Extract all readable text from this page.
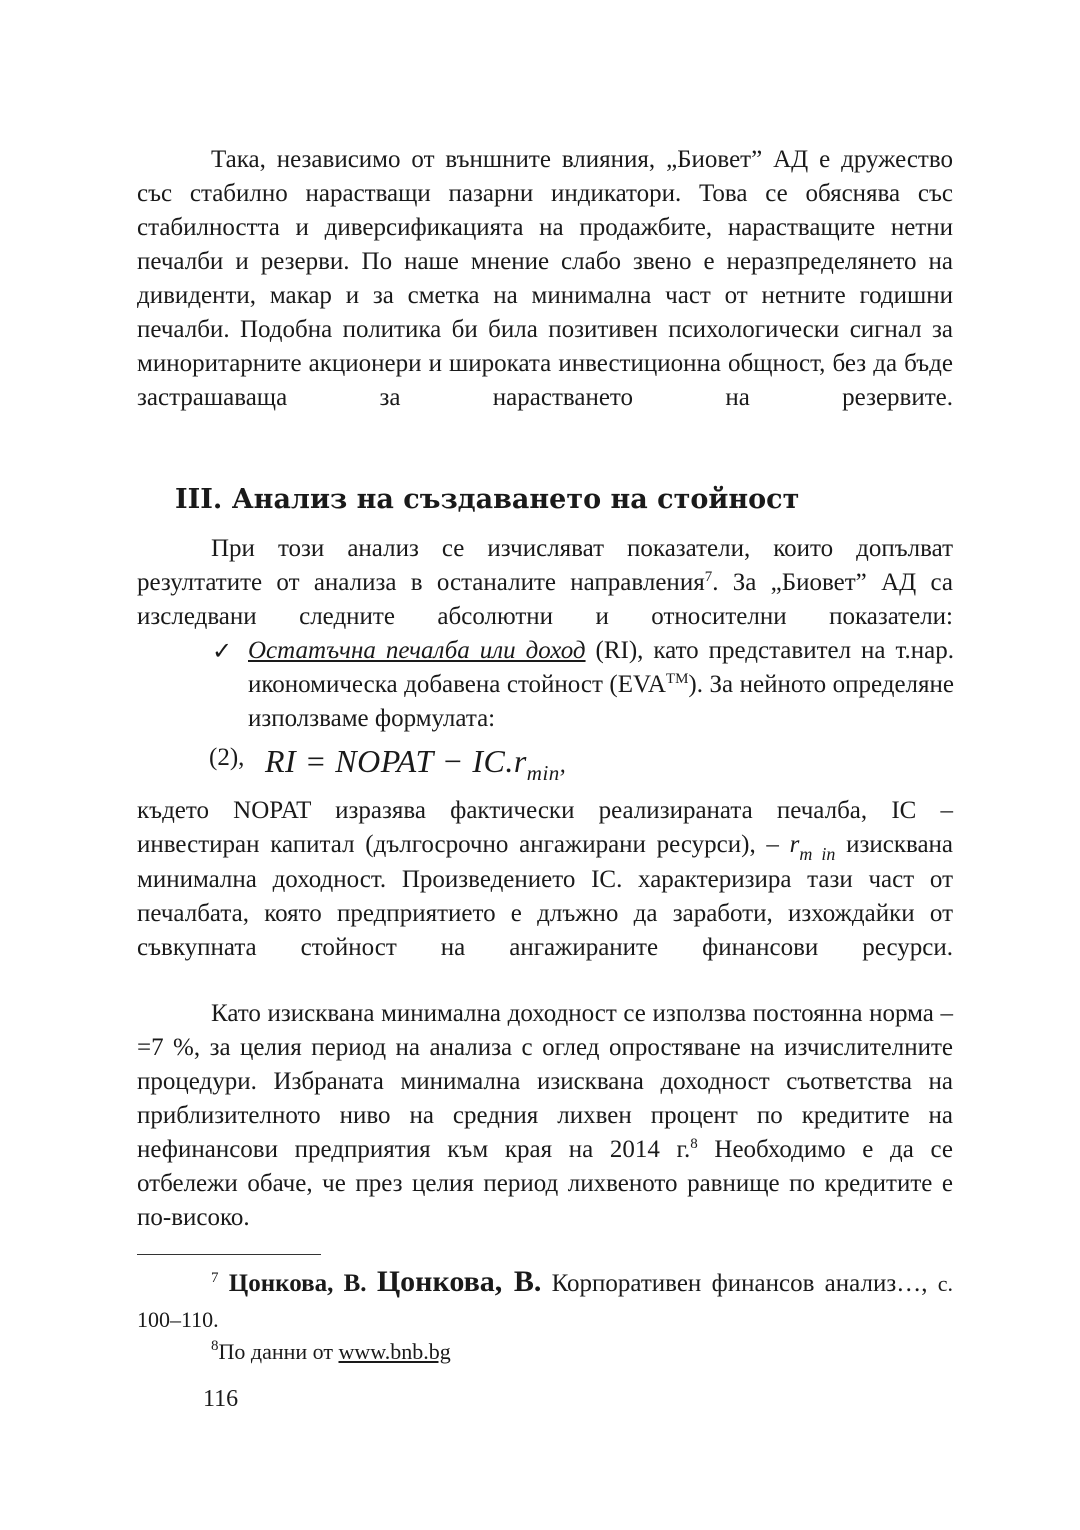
Така, независимо от външните влияния, „Биовет” АД е дружество със стабилно нарастващи пазарни индикатори. Това се обяснява със стабилността и диверсификацията на продажбите, нарастващите нетни печалби и резерви. По наше мнение слабо звено е неразпределянето на дивиденти, макар и за сметка на минимална част от нетните годишни печалби. Подобна политика би била позитивен психологически сигнал за миноритарните акционери и широката инвестиционна общност, без да бъде застрашаваща за нарастването на резервите.

III. Анализ на създаването на стойност

При този анализ се изчисляват показатели, които допълват резултатите от анализа в останалите направления$^7$. За „Биовет” АД са изследвани следните абсолютни и относителни показатели:

✓ Остатъчна печалба или доход (RI), като представител на т.нар. икономическа добавена стойност (EVA™). За нейното определяне използваме формулата:
(2), RI = NOPAT − $IC.r_{min}$,

където NOPAT изразява фактически реализираната печалба, IC – инвестиран капитал (дългосрочно ангажирани ресурси), – $r_{m in}$ изисквана минимална доходност. Произведението IC. характеризира тази част от печалбата, която предприятието е длъжно да заработи, изхождайки от съвкупната стойност на ангажираните финансови ресурси.

Като изисквана минимална доходност се използва постоянна норма – =7 %, за целия период на анализа с оглед опростяване на изчислителните процедури. Избраната минимална изисквана доходност съответства на приблизителното ниво на средния лихвен процент по кредитите на нефинансови предприятия към края на 2014 г.$^8$ Необходимо е да се отбележи обаче, че през целия период лихвеното равнище по кредитите е по-високо.

$^7$ Цонкова, В. Цонкова, В. Корпоративен финансов анализ…, с. 100–110.

$^8$По данни от www.bnb.bg

116
